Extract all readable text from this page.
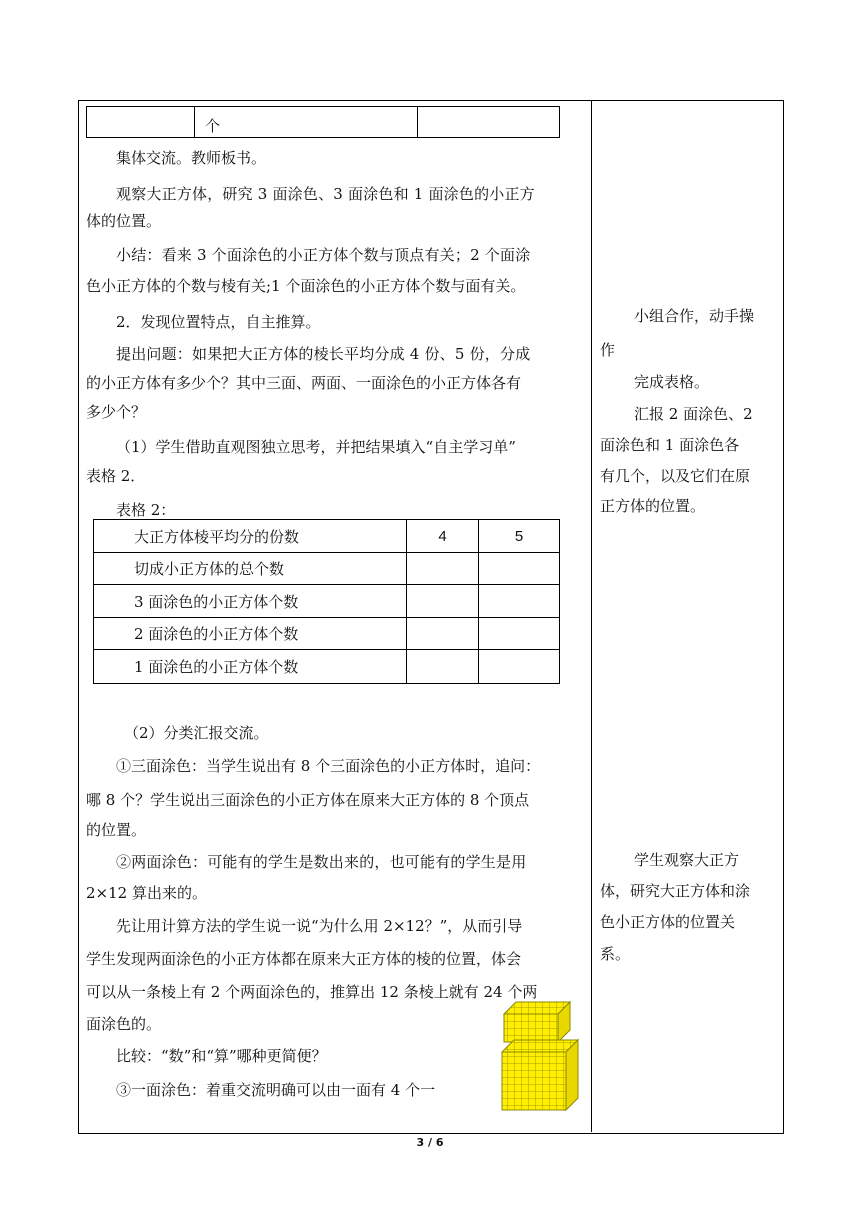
	个	
集体交流。教师板书。
观察大正方体，研究 3 面涂色、3 面涂色和 1 面涂色的小正方
体的位置。
小结：看来 3 个面涂色的小正方体个数与顶点有关；2 个面涂
色小正方体的个数与棱有关;1 个面涂色的小正方体个数与面有关。
2．发现位置特点，自主推算。
提出问题：如果把大正方体的棱长平均分成 4 份、5 份，分成
的小正方体有多少个？其中三面、两面、一面涂色的小正方体各有
多少个？
（1）学生借助直观图独立思考，并把结果填入“自主学习单”
表格 2．
表格 2：
大正方体棱平均分的份数	4	5
切成小正方体的总个数		
3 面涂色的小正方体个数		
2 面涂色的小正方体个数		
1 面涂色的小正方体个数		
（2）分类汇报交流。
①三面涂色：当学生说出有 8 个三面涂色的小正方体时，追问：
哪 8 个？学生说出三面涂色的小正方体在原来大正方体的 8 个顶点
的位置。
②两面涂色：可能有的学生是数出来的，也可能有的学生是用
2×12 算出来的。
先让用计算方法的学生说一说“为什么用 2×12？”，从而引导
学生发现两面涂色的小正方体都在原来大正方体的棱的位置，体会
可以从一条棱上有 2 个两面涂色的，推算出 12 条棱上就有 24 个两
面涂色的。
比较：“数”和“算”哪种更简便？
③一面涂色：着重交流明确可以由一面有 4 个一
小组合作，动手操
作
完成表格。
汇报 2 面涂色、2
面涂色和 1 面涂色各
有几个，以及它们在原
正方体的位置。
学生观察大正方
体，研究大正方体和涂
色小正方体的位置关
系。
3 / 6
